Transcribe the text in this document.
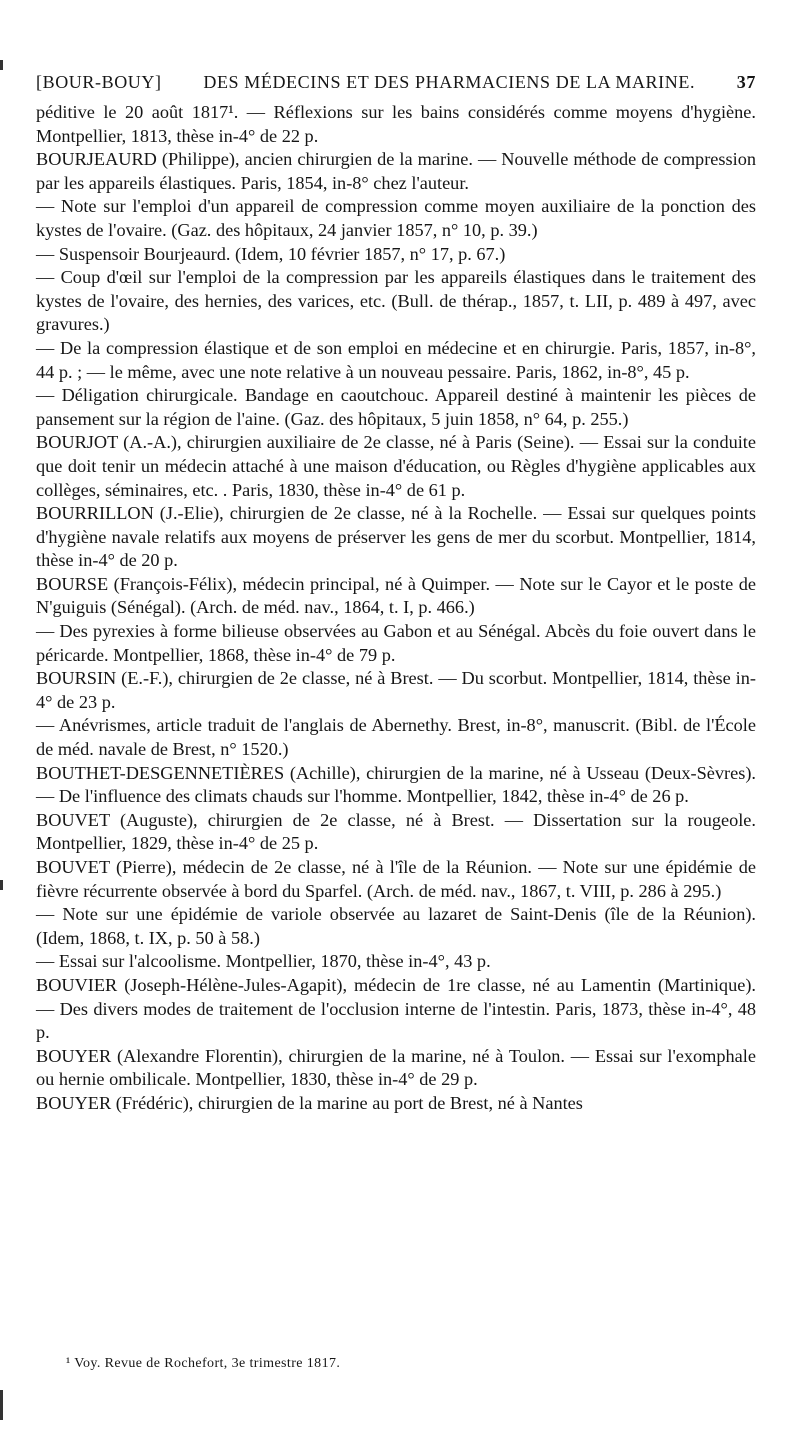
[BOUR-BOUY] DES MÉDECINS ET DES PHARMACIENS DE LA MARINE. 37

péditive le 20 août 1817¹. — Réflexions sur les bains considérés comme moyens d'hygiène. Montpellier, 1813, thèse in-4° de 22 p.

BOURJEAURD (Philippe), ancien chirurgien de la marine. — Nouvelle méthode de compression par les appareils élastiques. Paris, 1854, in-8° chez l'auteur.

— Note sur l'emploi d'un appareil de compression comme moyen auxiliaire de la ponction des kystes de l'ovaire. (Gaz. des hôpitaux, 24 janvier 1857, n° 10, p. 39.)

— Suspensoir Bourjeaurd. (Idem, 10 février 1857, n° 17, p. 67.)

— Coup d'œil sur l'emploi de la compression par les appareils élastiques dans le traitement des kystes de l'ovaire, des hernies, des varices, etc. (Bull. de thérap., 1857, t. LII, p. 489 à 497, avec gravures.)

— De la compression élastique et de son emploi en médecine et en chirurgie. Paris, 1857, in-8°, 44 p. ; — le même, avec une note relative à un nouveau pessaire. Paris, 1862, in-8°, 45 p.

— Déligation chirurgicale. Bandage en caoutchouc. Appareil destiné à maintenir les pièces de pansement sur la région de l'aine. (Gaz. des hôpitaux, 5 juin 1858, n° 64, p. 255.)

BOURJOT (A.-A.), chirurgien auxiliaire de 2e classe, né à Paris (Seine). — Essai sur la conduite que doit tenir un médecin attaché à une maison d'éducation, ou Règles d'hygiène applicables aux collèges, séminaires, etc. . Paris, 1830, thèse in-4° de 61 p.

BOURRILLON (J.-Elie), chirurgien de 2e classe, né à la Rochelle. — Essai sur quelques points d'hygiène navale relatifs aux moyens de préserver les gens de mer du scorbut. Montpellier, 1814, thèse in-4° de 20 p.

BOURSE (François-Félix), médecin principal, né à Quimper. — Note sur le Cayor et le poste de N'guiguis (Sénégal). (Arch. de méd. nav., 1864, t. I, p. 466.)

— Des pyrexies à forme bilieuse observées au Gabon et au Sénégal. Abcès du foie ouvert dans le péricarde. Montpellier, 1868, thèse in-4° de 79 p.

BOURSIN (E.-F.), chirurgien de 2e classe, né à Brest. — Du scorbut. Montpellier, 1814, thèse in-4° de 23 p.

— Anévrismes, article traduit de l'anglais de Abernethy. Brest, in-8°, manuscrit. (Bibl. de l'École de méd. navale de Brest, n° 1520.)

BOUTHET-DESGENNETIÈRES (Achille), chirurgien de la marine, né à Usseau (Deux-Sèvres). — De l'influence des climats chauds sur l'homme. Montpellier, 1842, thèse in-4° de 26 p.

BOUVET (Auguste), chirurgien de 2e classe, né à Brest. — Dissertation sur la rougeole. Montpellier, 1829, thèse in-4° de 25 p.

BOUVET (Pierre), médecin de 2e classe, né à l'île de la Réunion. — Note sur une épidémie de fièvre récurrente observée à bord du Sparfel. (Arch. de méd. nav., 1867, t. VIII, p. 286 à 295.)

— Note sur une épidémie de variole observée au lazaret de Saint-Denis (île de la Réunion). (Idem, 1868, t. IX, p. 50 à 58.)

— Essai sur l'alcoolisme. Montpellier, 1870, thèse in-4°, 43 p.

BOUVIER (Joseph-Hélène-Jules-Agapit), médecin de 1re classe, né au Lamentin (Martinique). — Des divers modes de traitement de l'occlusion interne de l'intestin. Paris, 1873, thèse in-4°, 48 p.

BOUYER (Alexandre Florentin), chirurgien de la marine, né à Toulon. — Essai sur l'exomphale ou hernie ombilicale. Montpellier, 1830, thèse in-4° de 29 p.

BOUYER (Frédéric), chirurgien de la marine au port de Brest, né à Nantes

¹ Voy. Revue de Rochefort, 3e trimestre 1817.
